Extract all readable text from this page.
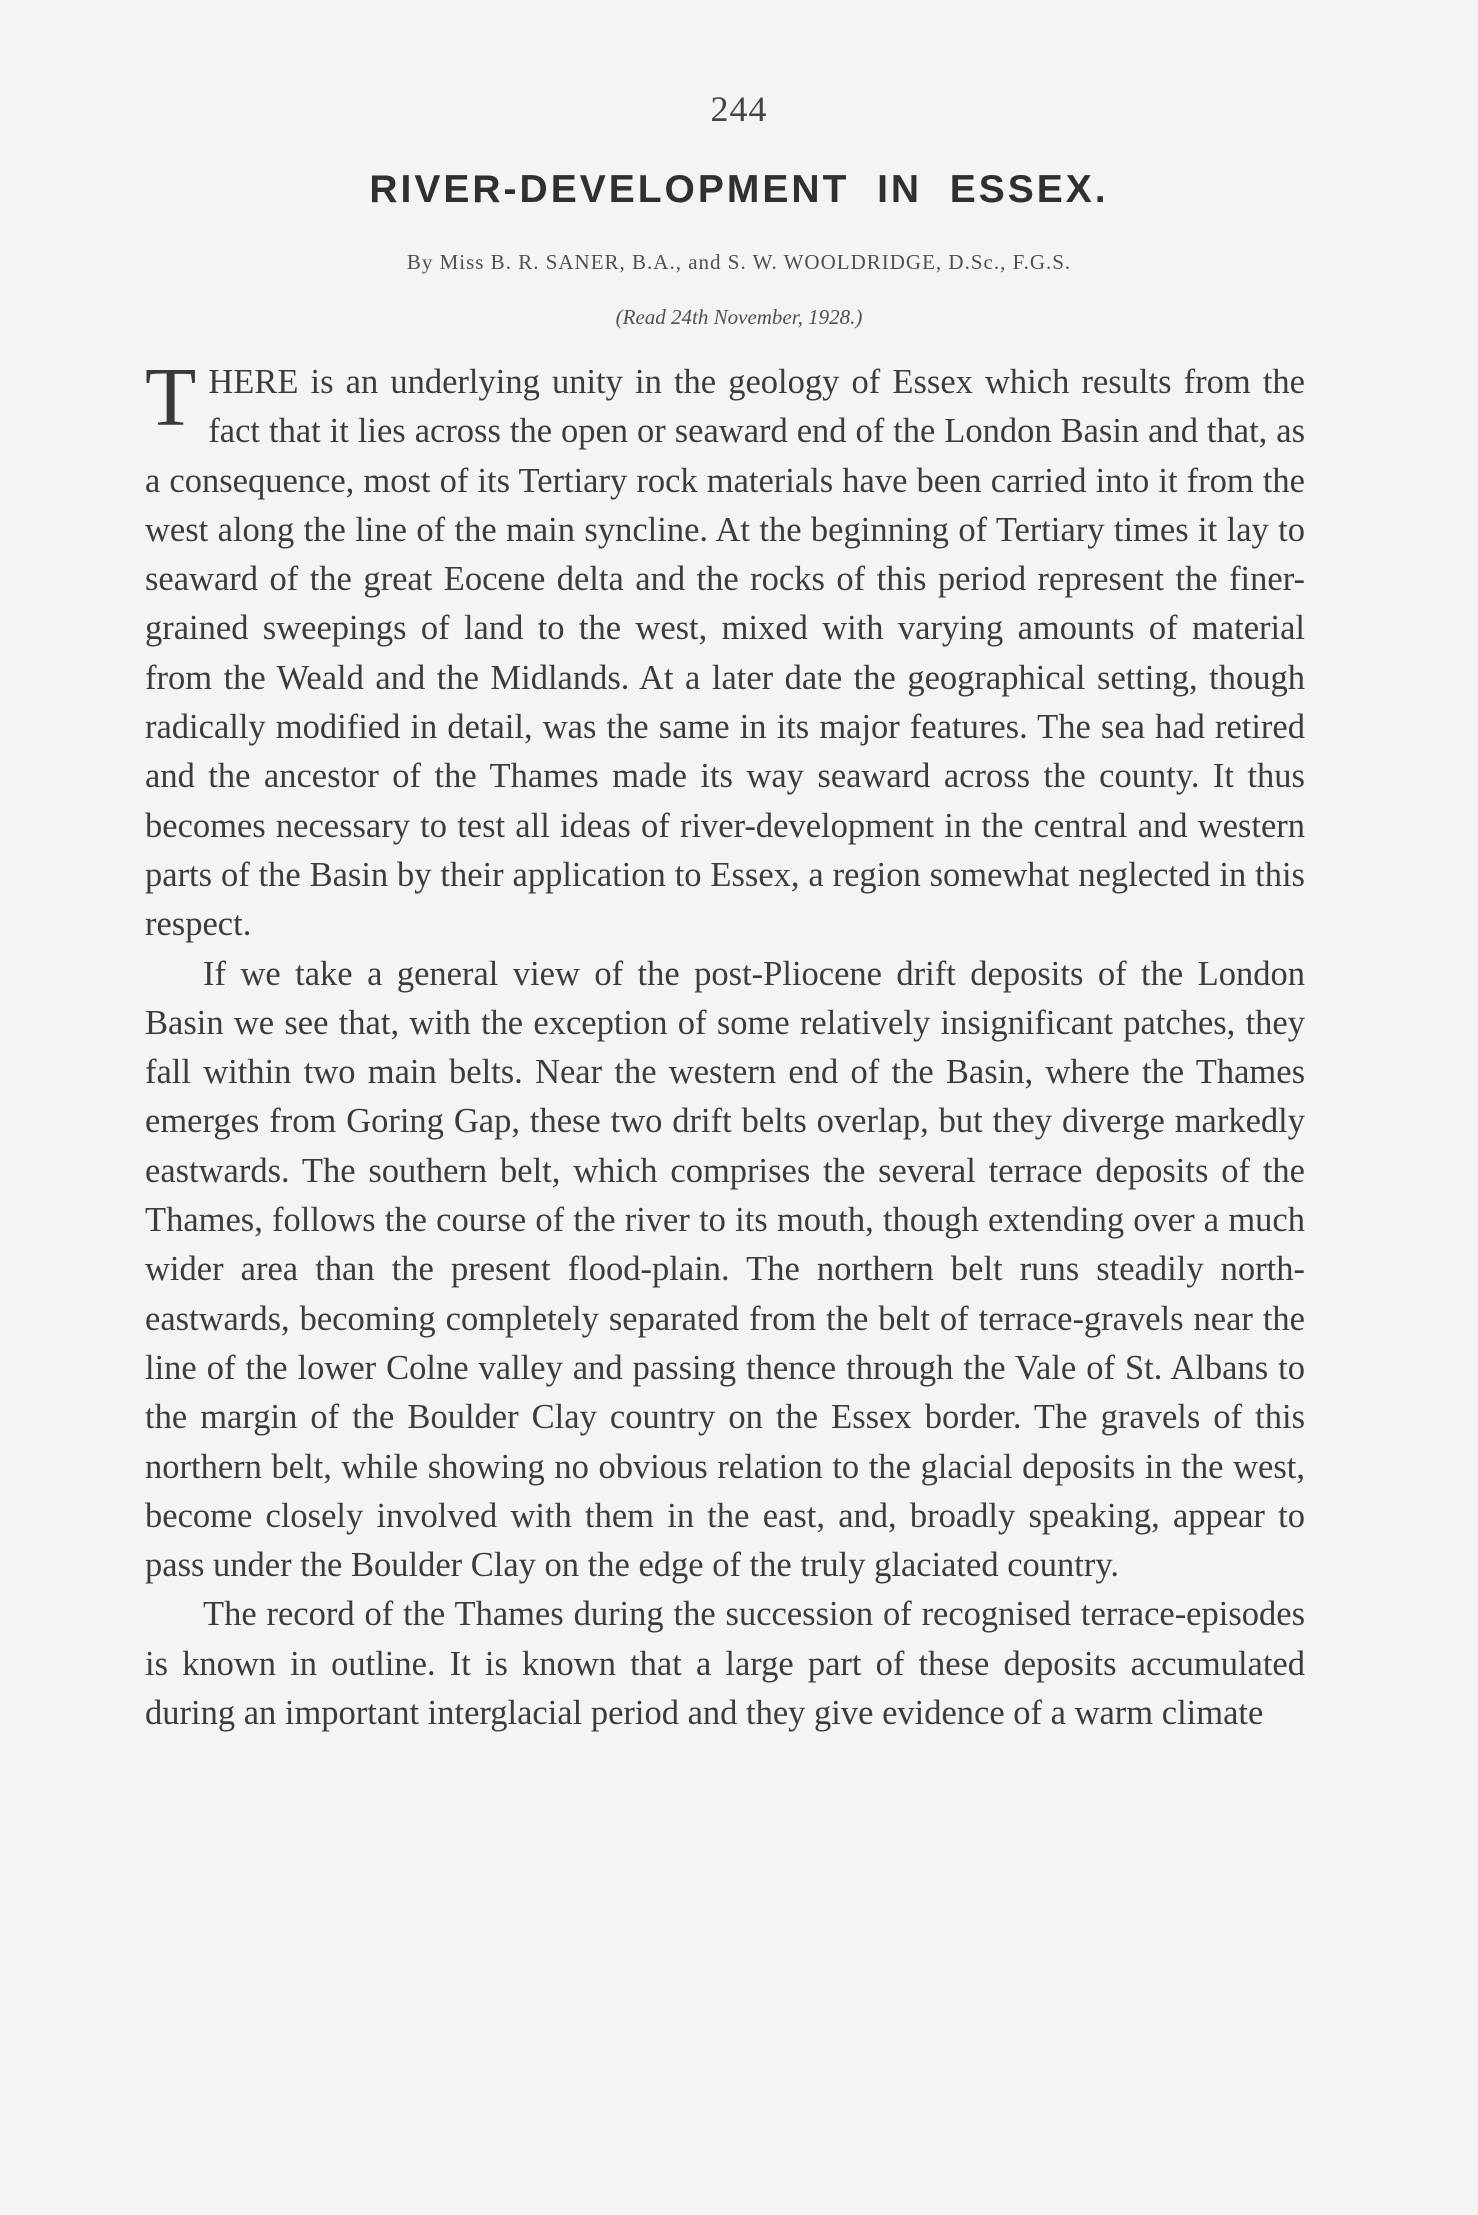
244
RIVER-DEVELOPMENT  IN  ESSEX.
By Miss B. R. SANER, B.A., and S. W. WOOLDRIDGE, D.Sc., F.G.S.
(Read 24th November, 1928.)

T HERE is an underlying unity in the geology of Essex which results from the fact that it lies across the open or seaward end of the London Basin and that, as a consequence, most of its Tertiary rock materials have been carried into it from the west along the line of the main syncline. At the beginning of Tertiary times it lay to seaward of the great Eocene delta and the rocks of this period represent the finer-grained sweepings of land to the west, mixed with varying amounts of material from the Weald and the Midlands. At a later date the geographical setting, though radically modified in detail, was the same in its major features. The sea had retired and the ancestor of the Thames made its way seaward across the county. It thus becomes necessary to test all ideas of river-development in the central and western parts of the Basin by their application to Essex, a region somewhat neglected in this respect.

If we take a general view of the post-Pliocene drift deposits of the London Basin we see that, with the exception of some relatively insignificant patches, they fall within two main belts. Near the western end of the Basin, where the Thames emerges from Goring Gap, these two drift belts overlap, but they diverge markedly eastwards. The southern belt, which comprises the several terrace deposits of the Thames, follows the course of the river to its mouth, though extending over a much wider area than the present flood-plain. The northern belt runs steadily north-eastwards, becoming completely separated from the belt of terrace-gravels near the line of the lower Colne valley and passing thence through the Vale of St. Albans to the margin of the Boulder Clay country on the Essex border. The gravels of this northern belt, while showing no obvious relation to the glacial deposits in the west, become closely involved with them in the east, and, broadly speaking, appear to pass under the Boulder Clay on the edge of the truly glaciated country.

The record of the Thames during the succession of recognised terrace-episodes is known in outline. It is known that a large part of these deposits accumulated during an important interglacial period and they give evidence of a warm climate
